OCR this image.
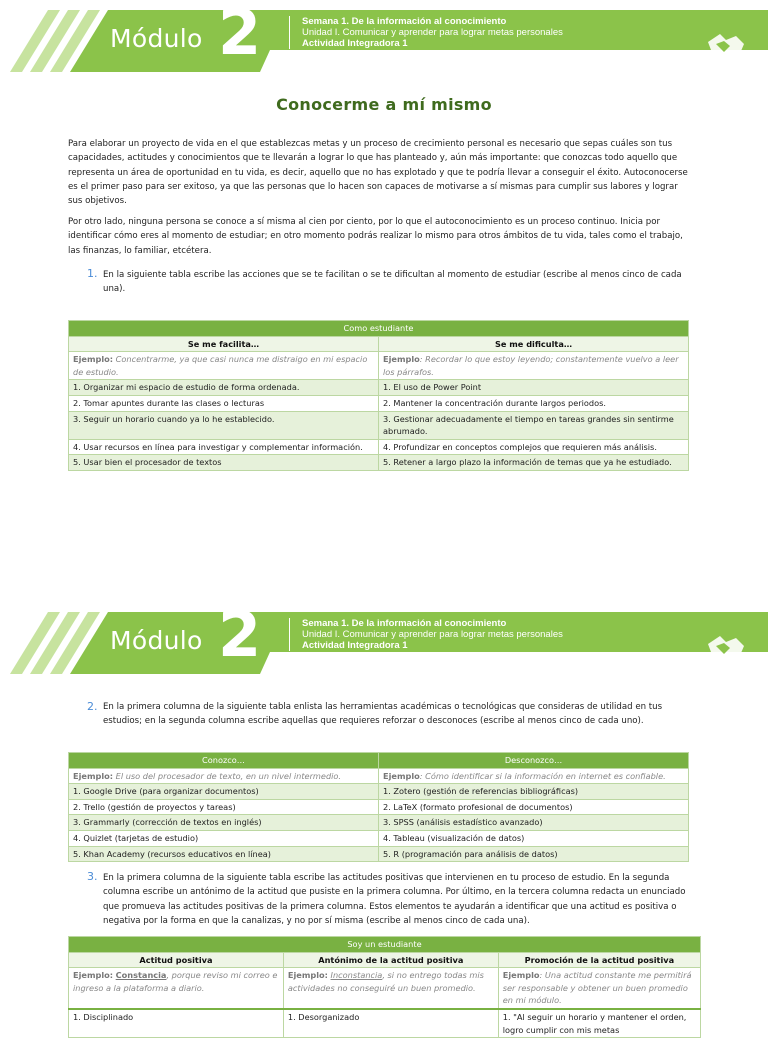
Módulo 2	Semana 1. De la información al conocimiento
Unidad I. Comunicar y aprender para lograr metas personales
Actividad Integradora 1
Conocerme a mí mismo

Para elaborar un proyecto de vida en el que establezcas metas y un proceso de crecimiento personal es necesario que sepas cuáles son tus capacidades, actitudes y conocimientos que te llevarán a lograr lo que has planteado y, aún más importante: que conozcas todo aquello que representa un área de oportunidad en tu vida, es decir, aquello que no has explotado y que te podría llevar a conseguir el éxito. Autoconocerse es el primer paso para ser exitoso, ya que las personas que lo hacen son capaces de motivarse a sí mismas para cumplir sus labores y lograr sus objetivos.

Por otro lado, ninguna persona se conoce a sí misma al cien por ciento, por lo que el autoconocimiento es un proceso continuo. Inicia por identificar cómo eres al momento de estudiar; en otro momento podrás realizar lo mismo para otros ámbitos de tu vida, tales como el trabajo, las finanzas, lo familiar, etcétera.

1. En la siguiente tabla escribe las acciones que se te facilitan o se te dificultan al momento de estudiar (escribe al menos cinco de cada una).

Como estudiante	
Se me facilita…	Se me dificulta…
Ejemplo: Concentrarme, ya que casi nunca me distraigo en mi espacio de estudio.	Ejemplo: Recordar lo que estoy leyendo; constantemente vuelvo a leer los párrafos.
1. Organizar mi espacio de estudio de forma ordenada.	1. El uso de Power Point
2. Tomar apuntes durante las clases o lecturas	2. Mantener la concentración durante largos periodos.
3. Seguir un horario cuando ya lo he establecido.	3. Gestionar adecuadamente el tiempo en tareas grandes sin sentirme abrumado.
4. Usar recursos en línea para investigar y complementar información.	4. Profundizar en conceptos complejos que requieren más análisis.
5. Usar bien el procesador de textos	5. Retener a largo plazo la información de temas que ya he estudiado.
Módulo 2	Semana 1. De la información al conocimiento
Unidad I. Comunicar y aprender para lograr metas personales
Actividad Integradora 1
2. En la primera columna de la siguiente tabla enlista las herramientas académicas o tecnológicas que consideras de utilidad en tus estudios; en la segunda columna escribe aquellas que requieres reforzar o desconoces (escribe al menos cinco de cada uno).

Conozco…	Desconozco…
Ejemplo: El uso del procesador de texto, en un nivel intermedio.	Ejemplo: Cómo identificar si la información en internet es confiable.
1. Google Drive (para organizar documentos)	1. Zotero (gestión de referencias bibliográficas)
2. Trello (gestión de proyectos y tareas)	2. LaTeX (formato profesional de documentos)
3. Grammarly (corrección de textos en inglés)	3. SPSS (análisis estadístico avanzado)
4. Quizlet (tarjetas de estudio)	4. Tableau (visualización de datos)
5. Khan Academy (recursos educativos en línea)	5. R (programación para análisis de datos)
3. En la primera columna de la siguiente tabla escribe las actitudes positivas que intervienen en tu proceso de estudio. En la segunda columna escribe un antónimo de la actitud que pusiste en la primera columna. Por último, en la tercera columna redacta un enunciado que promueva las actitudes positivas de la primera columna. Estos elementos te ayudarán a identificar que una actitud es positiva o negativa por la forma en que la canalizas, y no por sí misma (escribe al menos cinco de cada una).

Soy un estudiante		
Actitud positiva	Antónimo de la actitud positiva	Promoción de la actitud positiva
Ejemplo: Constancia, porque reviso mi correo e ingreso a la plataforma a diario.	Ejemplo: Inconstancia, si no entrego todas mis actividades no conseguiré un buen promedio.	Ejemplo: Una actitud constante me permitirá ser responsable y obtener un buen promedio en mi módulo.
1. Disciplinado	1. Desorganizado	1. "Al seguir un horario y mantener el orden, logro cumplir con mis metas
